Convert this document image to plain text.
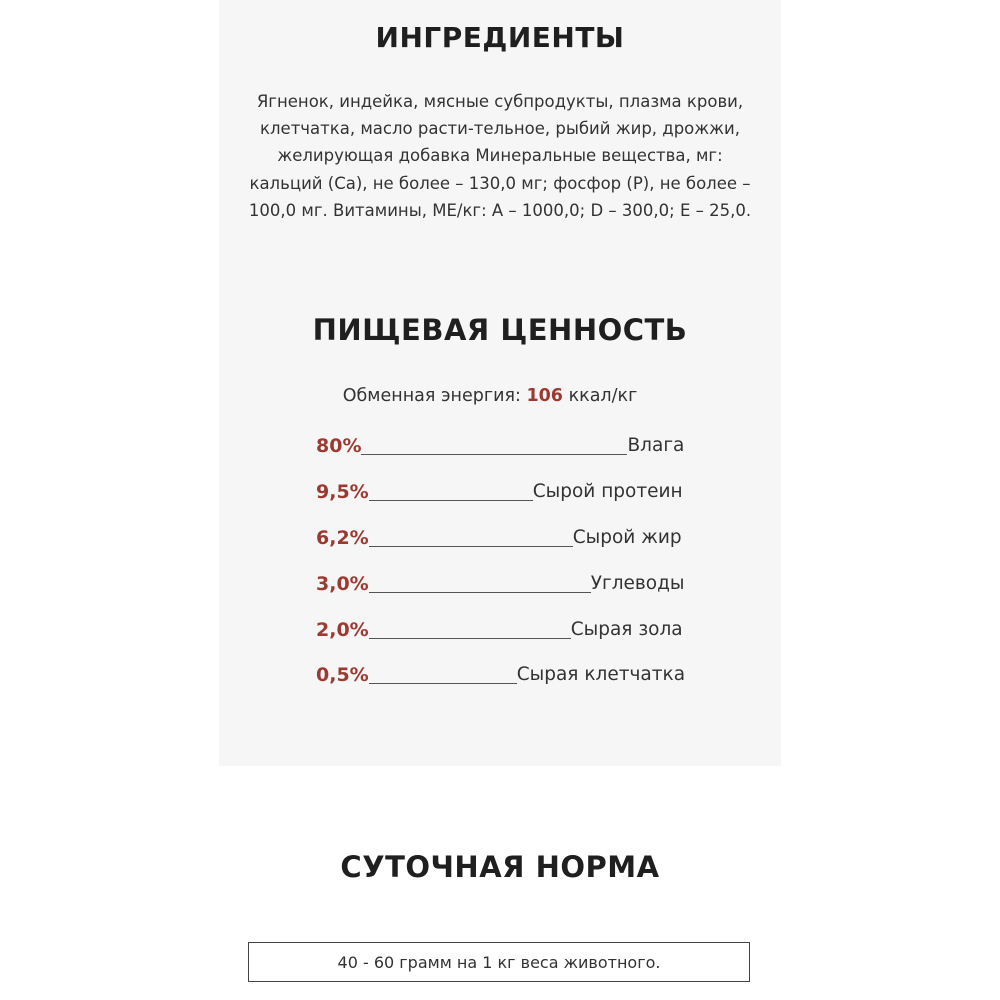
ИНГРЕДИЕНТЫ
Ягненок, индейка, мясные субпродукты, плазма крови,
клетчатка, масло расти-тельное, рыбий жир, дрожжи,
желирующая добавка Минеральные вещества, мг:
кальций (Са), не более – 130,0 мг; фосфор (Р), не более –
100,0 мг. Витамины, МЕ/кг: А – 1000,0; D – 300,0; Е – 25,0.
ПИЩЕВАЯ ЦЕННОСТЬ
Обменная энергия: 106 ккал/кг
80%	Влага
9,5%	Сырой протеин
6,2%	Сырой жир
3,0%	Углеводы
2,0%	Сырая зола
0,5%	Сырая клетчатка
СУТОЧНАЯ НОРМА
40 - 60 грамм на 1 кг веса животного.
